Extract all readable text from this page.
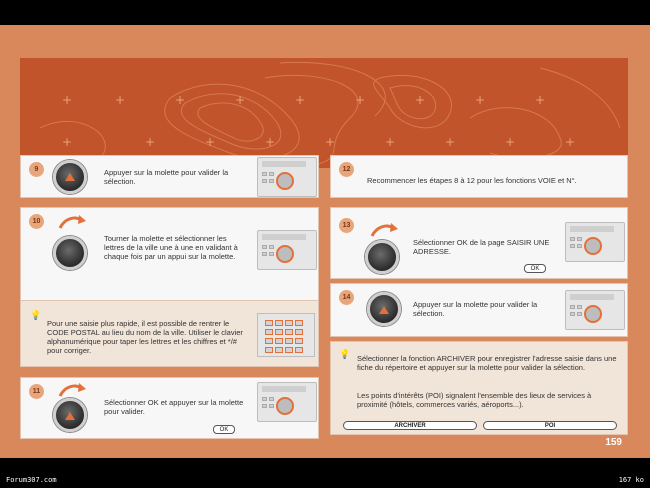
+	+	+	+	+	+	+	+	+
+	+	+	+	+	+	+	+	+
9	Appuyer sur la molette pour valider la sélection.
10
Tourner la molette et sélectionner les lettres de la ville une à une en validant à chaque fois par un appui sur la molette.
💡
Pour une saisie plus rapide, il est possible de rentrer le CODE POSTAL au lieu du nom de la ville. Utiliser le clavier alphanumérique pour taper les lettres et les chiffres et */# pour corriger.
11
Sélectionner OK et appuyer sur la molette pour valider.
OK
12
Recommencer les étapes 8 à 12 pour les fonctions VOIE et N°.
13
Sélectionner OK de la page SAISIR UNE ADRESSE.
OK
14
Appuyer sur la molette pour valider la sélection.
💡 Sélectionner la fonction ARCHIVER pour enregistrer l'adresse saisie dans une fiche du répertoire et appuyer sur la molette pour valider la sélection.
Les points d'intérêts (POI) signalent l'ensemble des lieux de services à proximité (hôtels, commerces variés, aéroports...).
ARCHIVER	POI
159
Forum307.com	167 ko
